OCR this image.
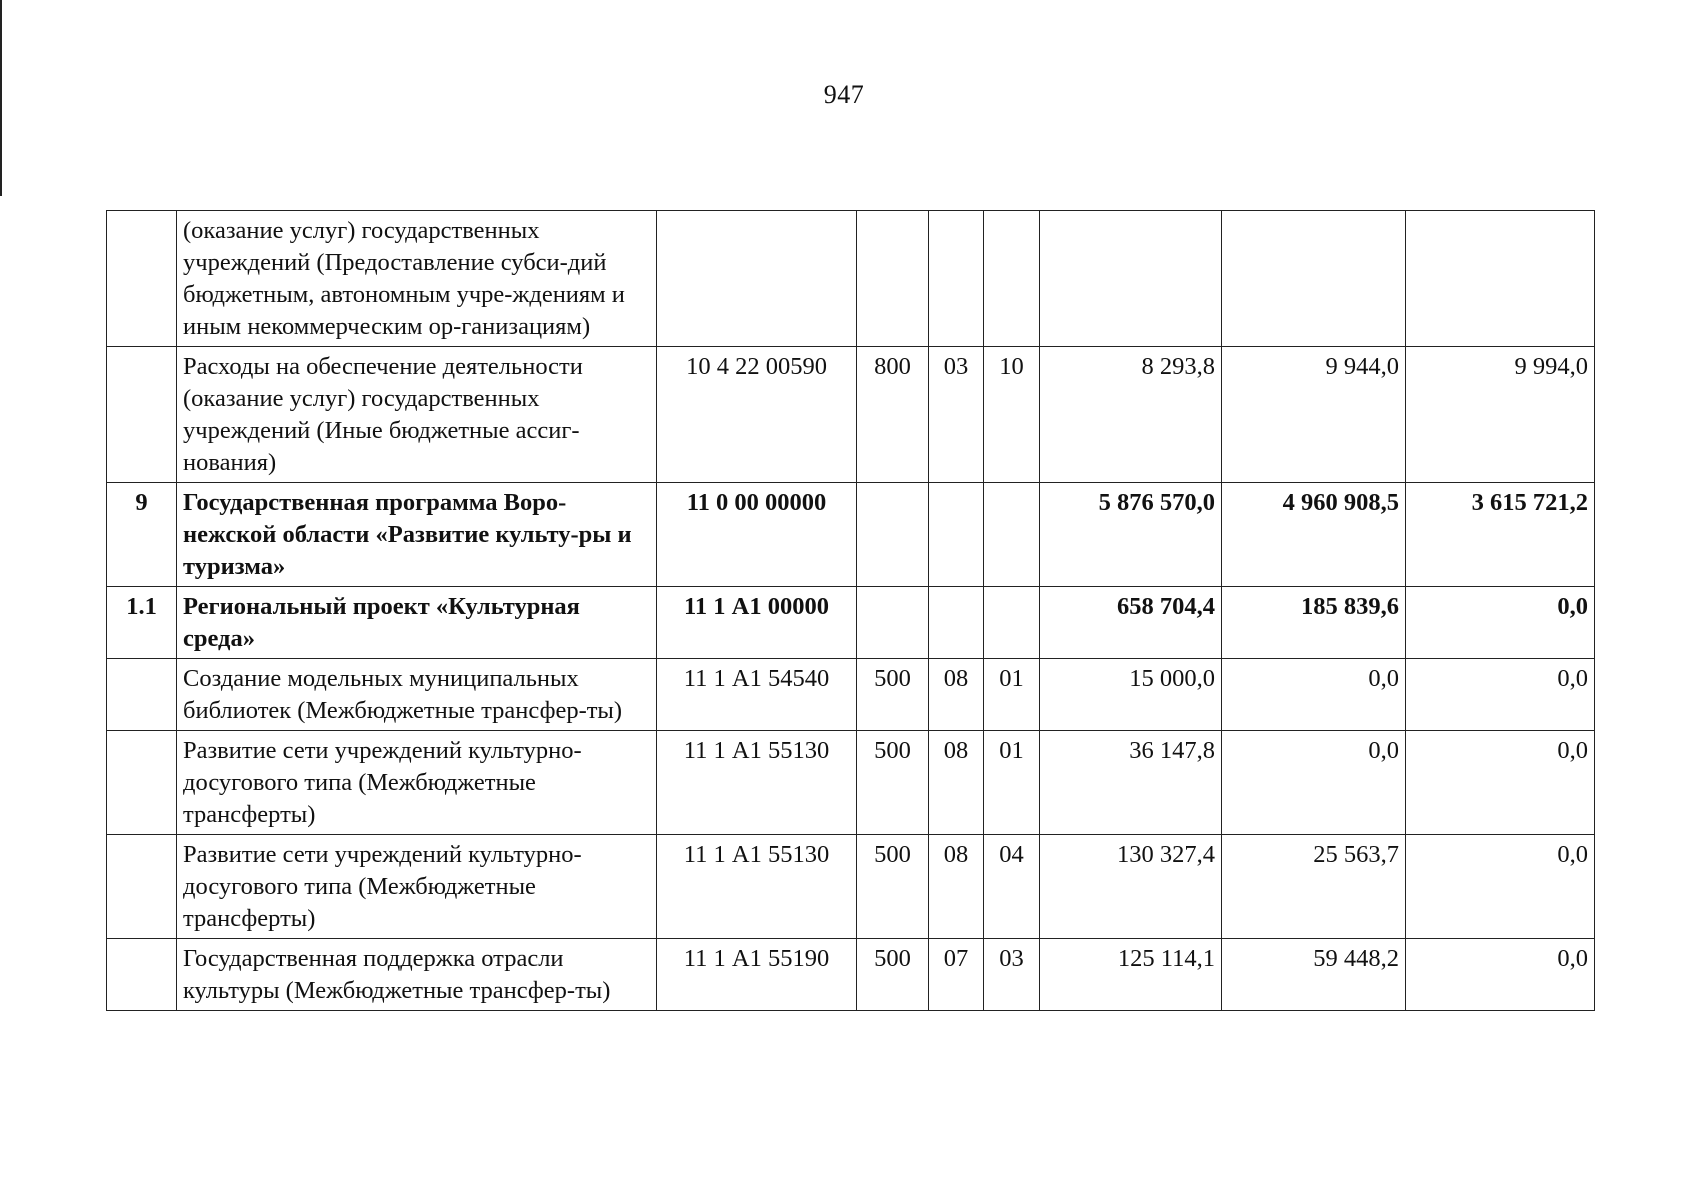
947
	(оказание услуг) государственных учреждений (Предоставление субси-дий бюджетным, автономным учре-ждениям и иным некоммерческим ор-ганизациям)							
	Расходы на обеспечение деятельности (оказание услуг) государственных учреждений (Иные бюджетные ассиг-нования)	10 4 22 00590	800	03	10	8 293,8	9 944,0	9 994,0
9	Государственная программа Воро-нежской области «Развитие культу-ры и туризма»	11 0 00 00000				5 876 570,0	4 960 908,5	3 615 721,2
1.1	Региональный проект «Культурная среда»	11 1 А1 00000				658 704,4	185 839,6	0,0
	Создание модельных муниципальных библиотек (Межбюджетные трансфер-ты)	11 1 А1 54540	500	08	01	15 000,0	0,0	0,0
	Развитие сети учреждений культурно-досугового типа (Межбюджетные трансферты)	11 1 А1 55130	500	08	01	36 147,8	0,0	0,0
	Развитие сети учреждений культурно-досугового типа (Межбюджетные трансферты)	11 1 А1 55130	500	08	04	130 327,4	25 563,7	0,0
	Государственная поддержка отрасли культуры (Межбюджетные трансфер-ты)	11 1 А1 55190	500	07	03	125 114,1	59 448,2	0,0
